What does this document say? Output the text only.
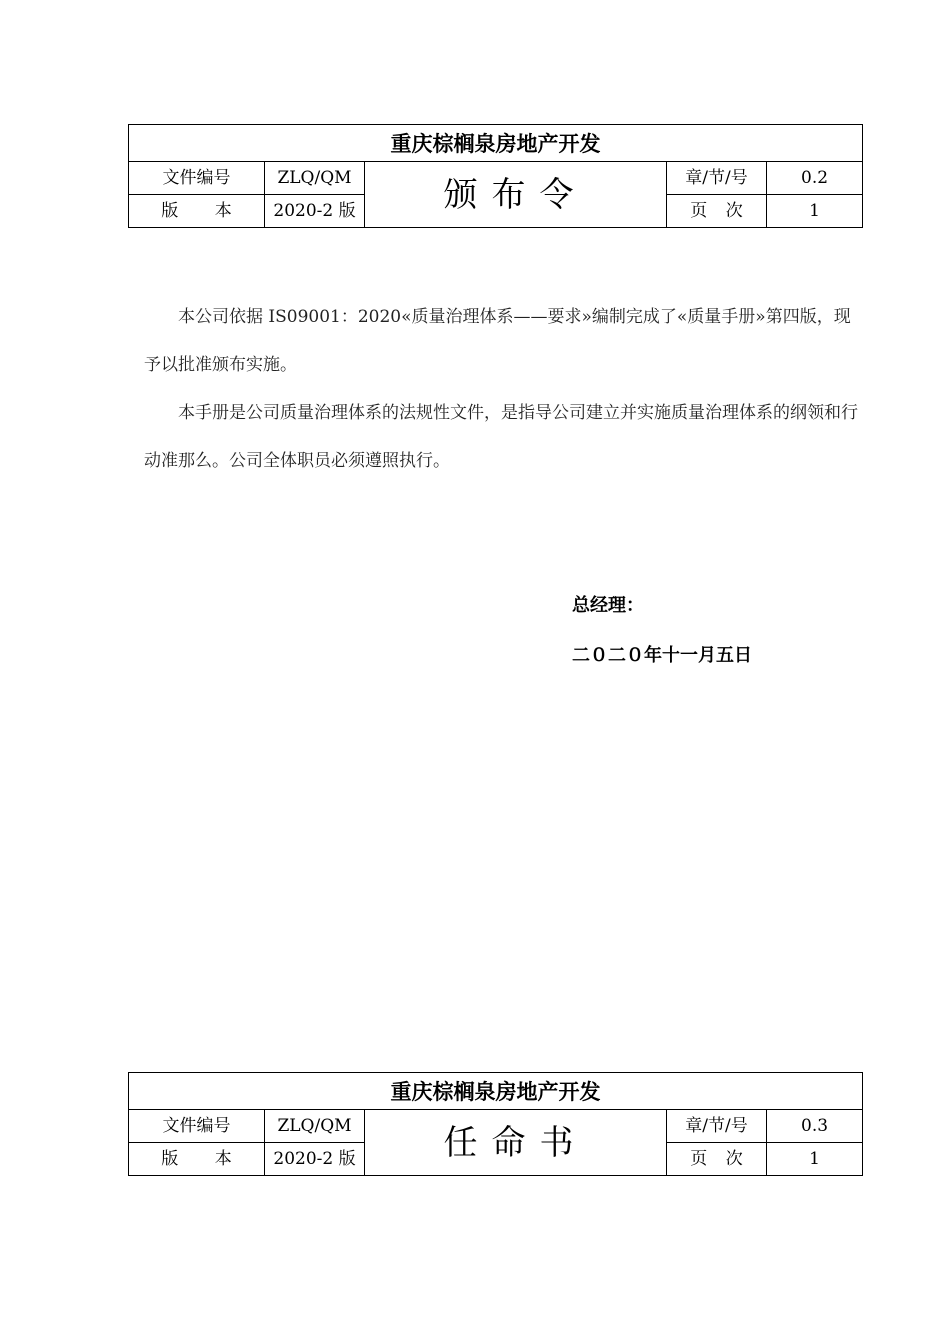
重庆棕榈泉房地产开发				
文件编号	ZLQ/QM	颁布令	章/节/号	0.2

版 本	2020-2 版		页 次	1

本公司依据 IS09001：2020«质量治理体系——要求»编制完成了«质量手册»第四版，现予以批准颁布实施。

本手册是公司质量治理体系的法规性文件，是指导公司建立并实施质量治理体系的纲领和行动准那么。公司全体职员必须遵照执行。

总经理：
二０二０年十一月五日
重庆棕榈泉房地产开发				
文件编号	ZLQ/QM	任命书	章/节/号	0.3

版 本	2020-2 版		页 次	1
